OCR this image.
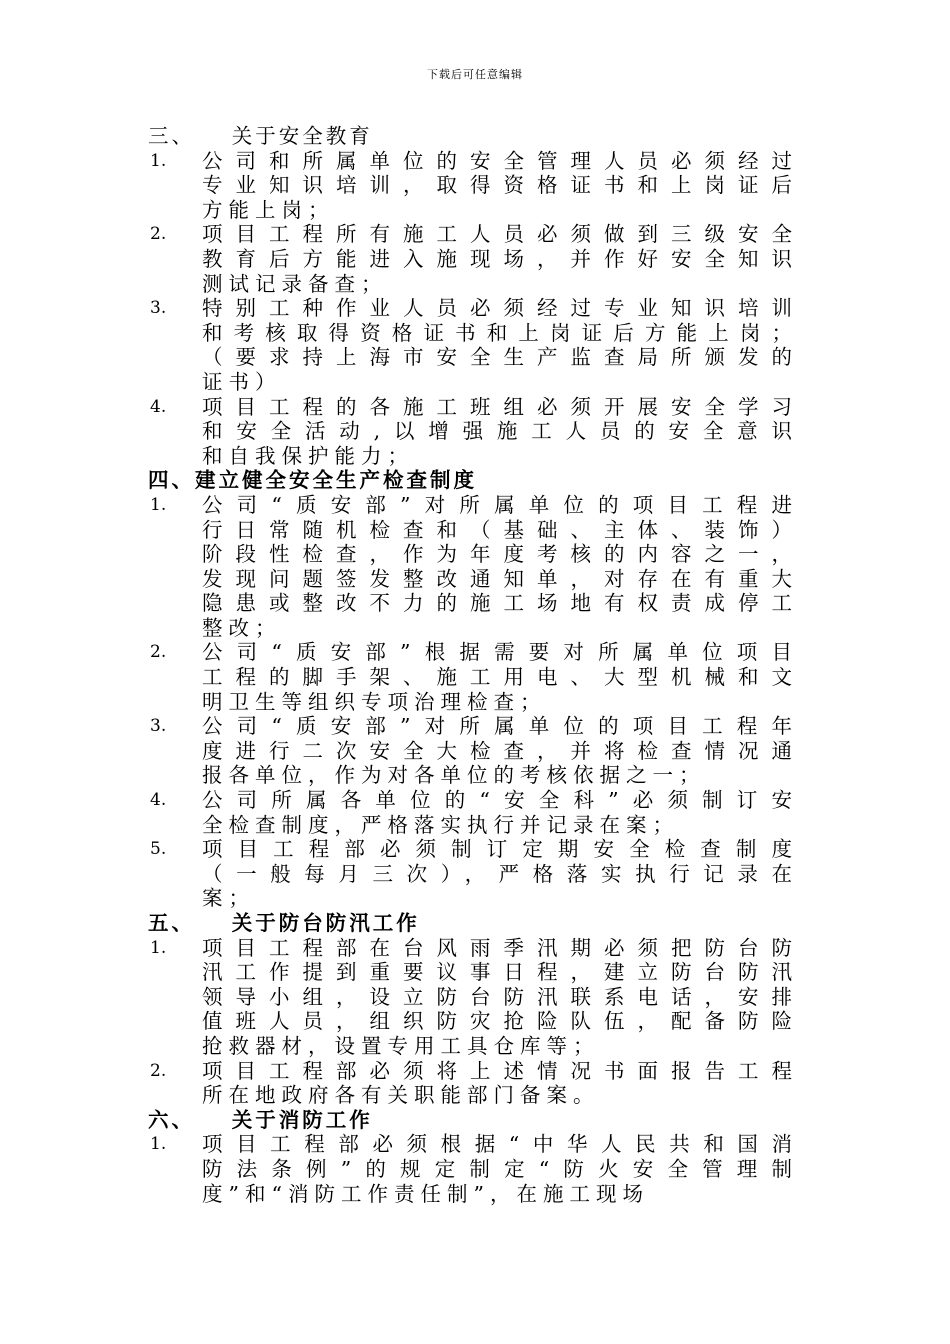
下载后可任意编辑
三、　　关于安全教育
1.	公司和所属单位的安全管理人员必须经过
专业知识培训，取得资格证书和上岗证后
方能上岗；
2.	项目工程所有施工人员必须做到三级安全
教育后方能进入施现场，并作好安全知识
测试记录备查；
3.	特别工种作业人员必须经过专业知识培训
和考核取得资格证书和上岗证后方能上岗；
（要求持上海市安全生产监查局所颁发的
证书）
4.	项目工程的各施工班组必须开展安全学习
和安全活动,以增强施工人员的安全意识
和自我保护能力；
四、建立健全安全生产检查制度
1.	公司“质安部”对所属单位的项目工程进
行日常随机检查和（基础、主体、装饰）
阶段性检查，作为年度考核的内容之一，
发现问题签发整改通知单，对存在有重大
隐患或整改不力的施工场地有权责成停工
整改；
2.	公司“质安部”根据需要对所属单位项目
工程的脚手架、施工用电、大型机械和文
明卫生等组织专项治理检查；
3.	公司“质安部”对所属单位的项目工程年
度进行二次安全大检查，并将检查情况通
报各单位，作为对各单位的考核依据之一；
4.	公司所属各单位的“安全科”必须制订安
全检查制度，严格落实执行并记录在案；
5.	项目工程部必须制订定期安全检查制度
（一般每月三次），严格落实执行记录在
案；
五、　　关于防台防汛工作
1.	项目工程部在台风雨季汛期必须把防台防
汛工作提到重要议事日程，建立防台防汛
领导小组，设立防台防汛联系电话，安排
值班人员，组织防灾抢险队伍，配备防险
抢救器材，设置专用工具仓库等；
2.	项目工程部必须将上述情况书面报告工程
所在地政府各有关职能部门备案。
六、　　关于消防工作
1.	项目工程部必须根据“中华人民共和国消
防法条例”的规定制定“防火安全管理制
度”和“消防工作责任制”，在施工现场
